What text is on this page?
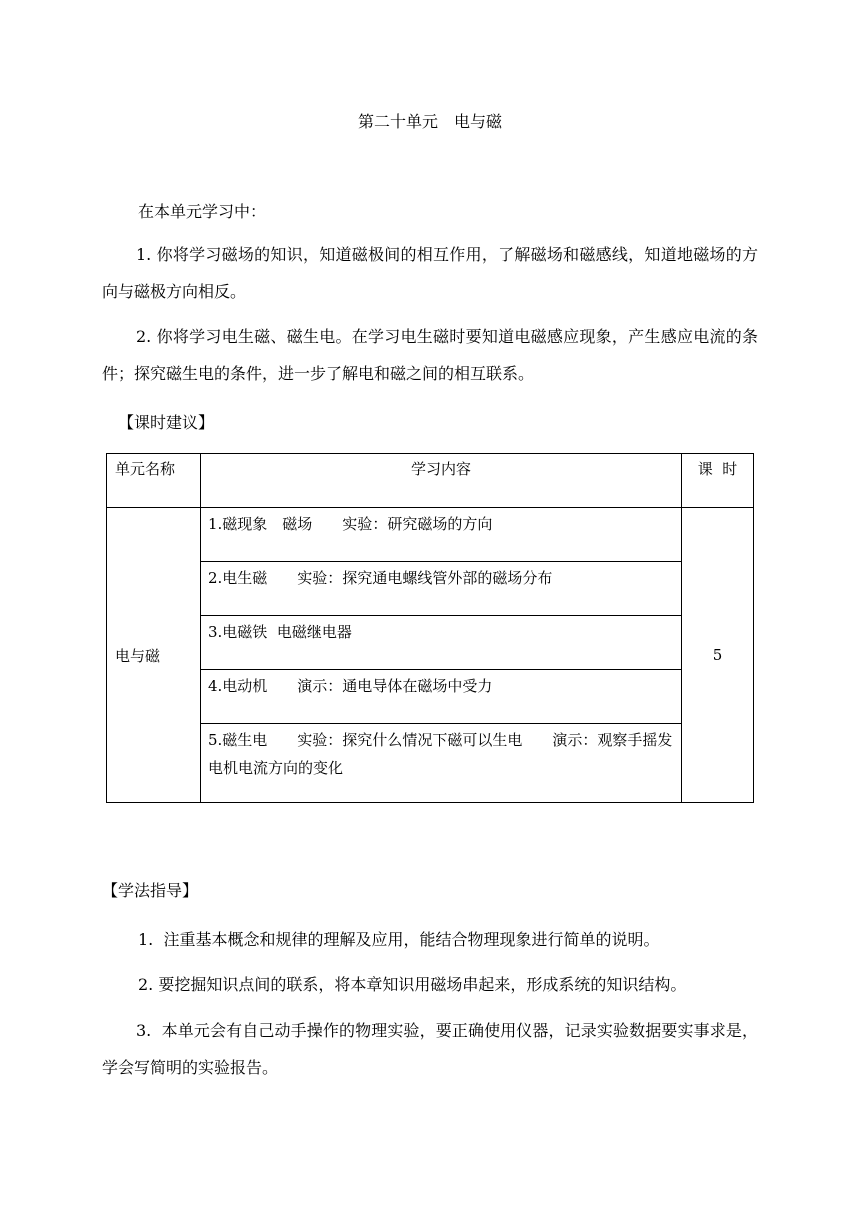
第二十单元　电与磁
在本单元学习中：
1. 你将学习磁场的知识，知道磁极间的相互作用，了解磁场和磁感线，知道地磁场的方向与磁极方向相反。
2. 你将学习电生磁、磁生电。在学习电生磁时要知道电磁感应现象，产生感应电流的条件；探究磁生电的条件，进一步了解电和磁之间的相互联系。
【课时建议】
单元名称	学习内容	课  时
电与磁	1.磁现象　磁场　　实验：研究磁场的方向	5
	2.电生磁　　实验：探究通电螺线管外部的磁场分布	
	3.电磁铁  电磁继电器	
	4.电动机　　演示：通电导体在磁场中受力	
	5.磁生电　　实验：探究什么情况下磁可以生电　　演示：观察手摇发电机电流方向的变化	
【学法指导】
1.  注重基本概念和规律的理解及应用，能结合物理现象进行简单的说明。
2. 要挖掘知识点间的联系，将本章知识用磁场串起来，形成系统的知识结构。
3.  本单元会有自己动手操作的物理实验，要正确使用仪器，记录实验数据要实事求是，学会写简明的实验报告。
